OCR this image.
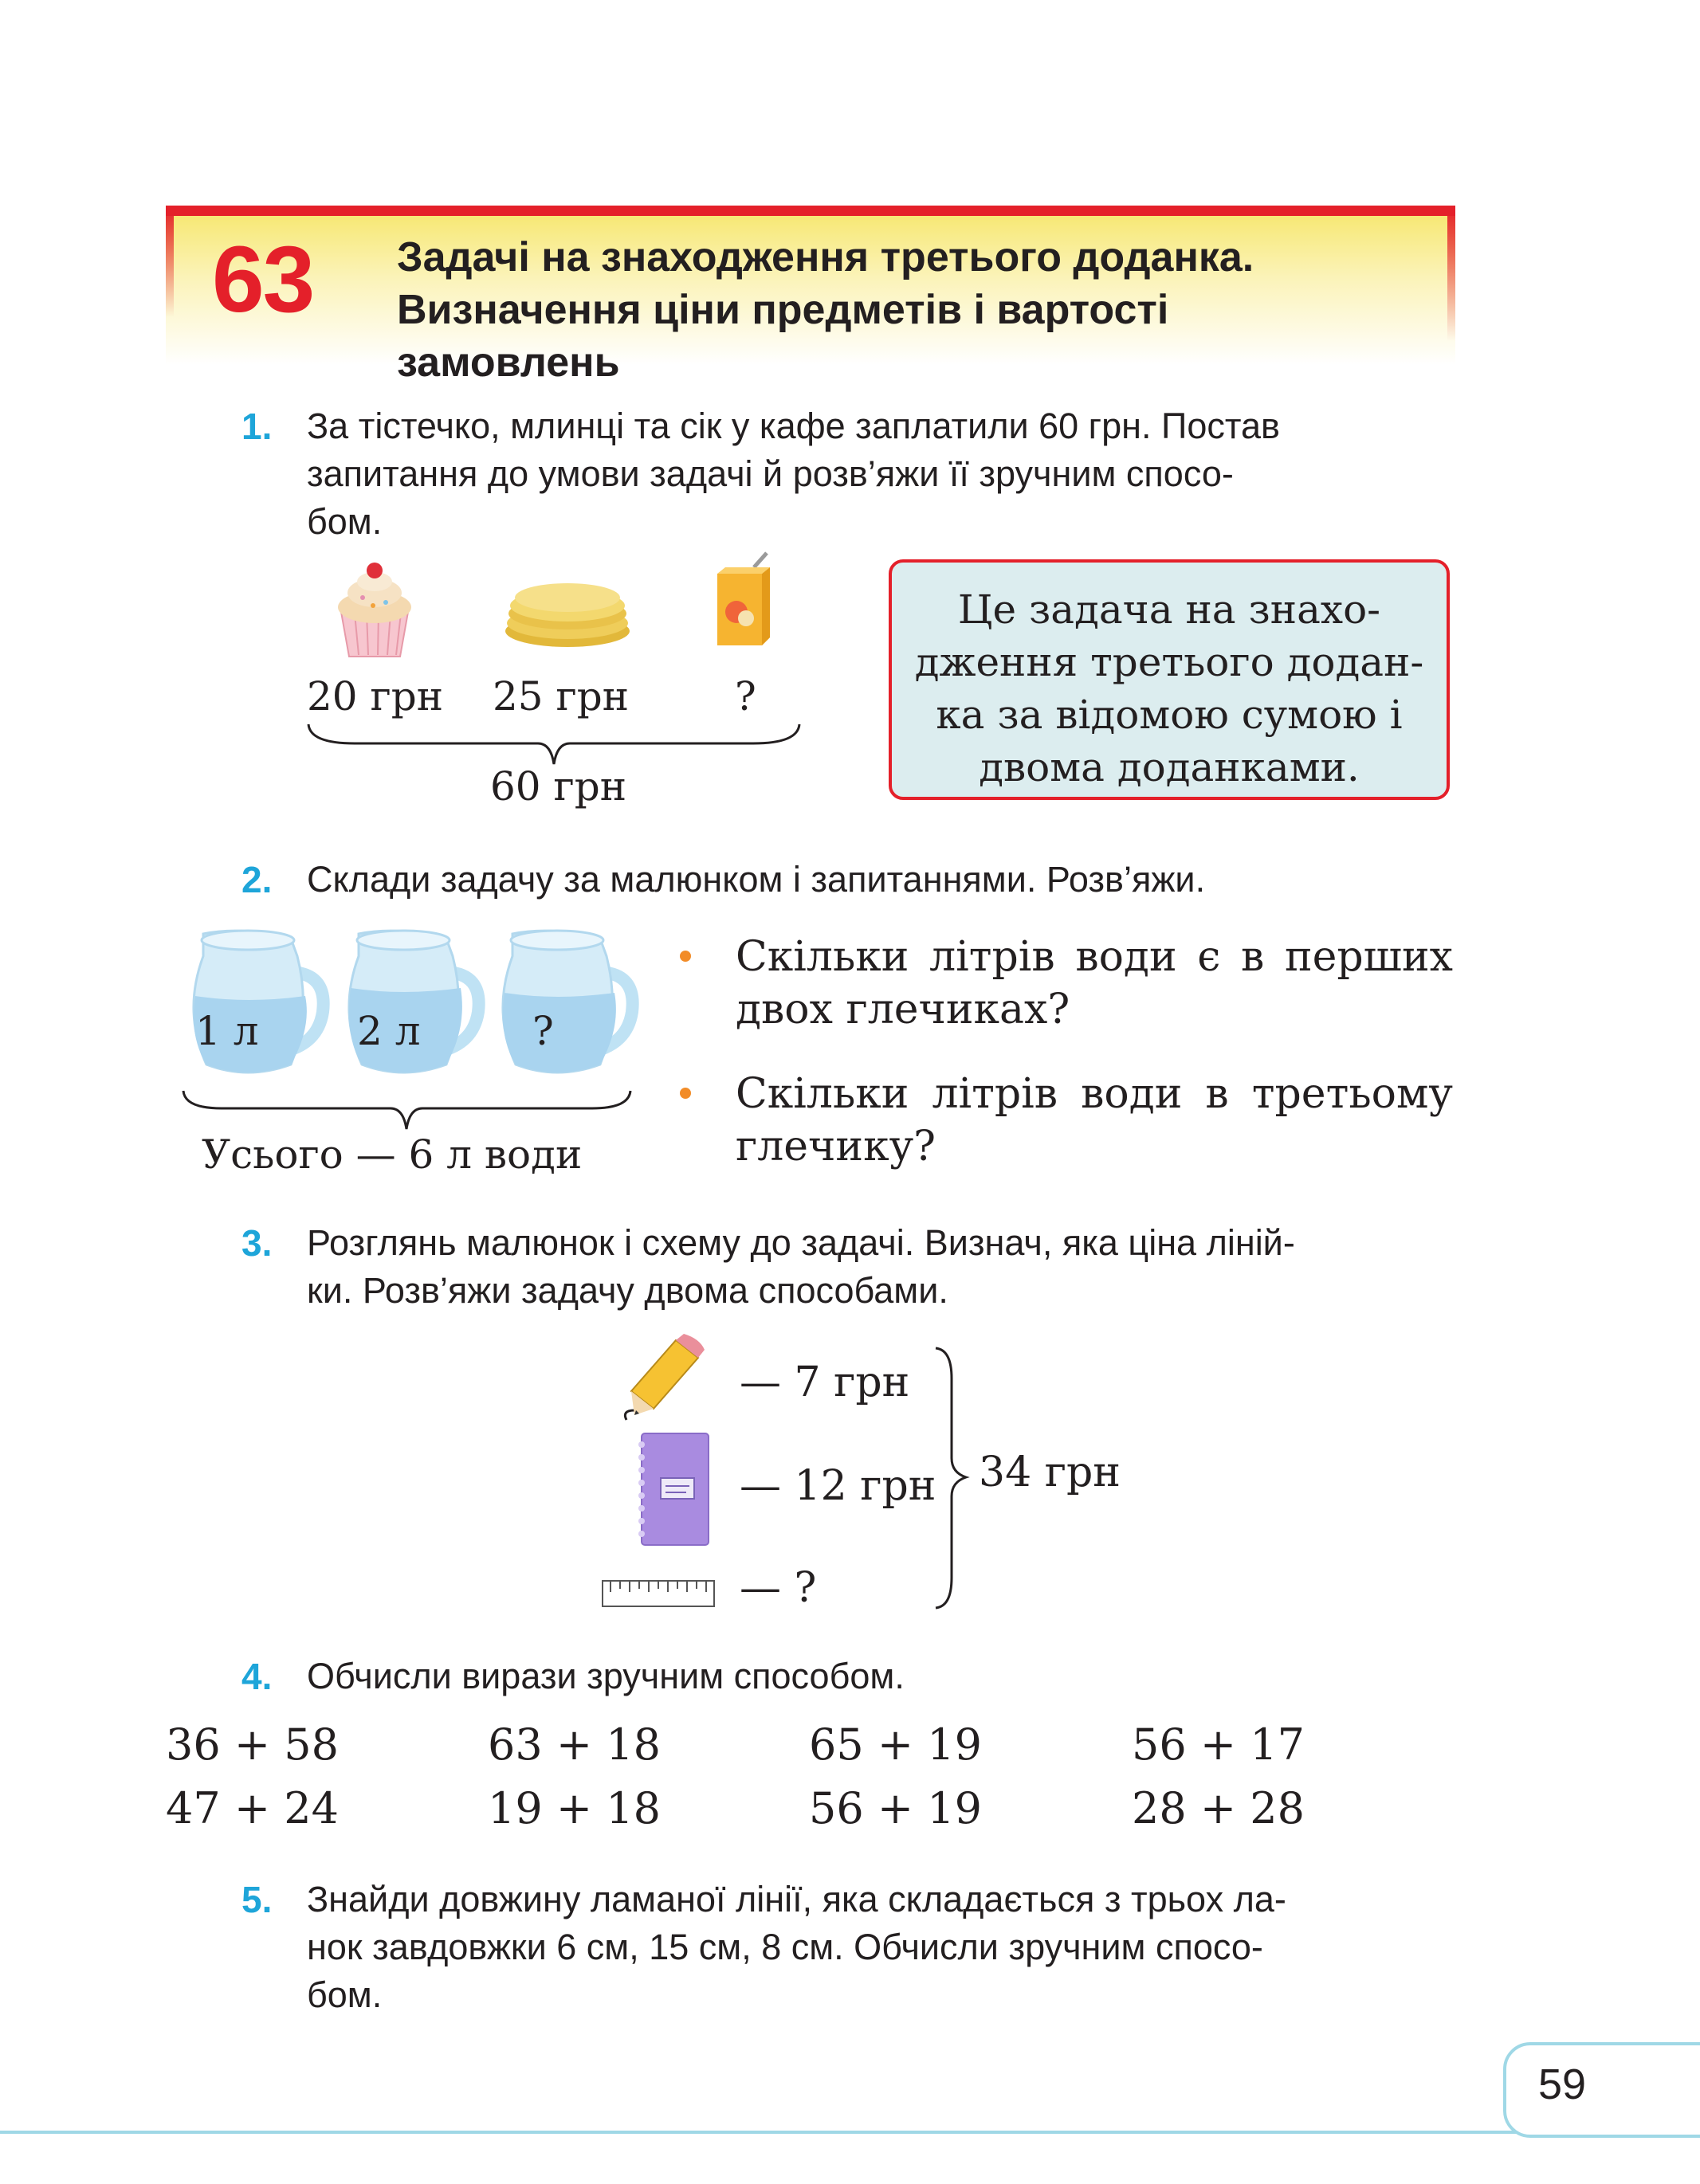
63 Задачі на знаходження третього доданка.
Визначення ціни предметів і вартості
замовлень
1. За тістечко, млинці та сік у кафе заплатили 60 грн. Постав
запитання до умови задачі й розв’яжи її зручним спосо-
бом.
20 грн 25 грн	?
60 грн
Це задача на знахо-
дження третього додан-
ка за відомою сумою і
двома доданками.
2. Склади задачу за малюнком і запитаннями. Розв’яжи.
1 л 2 л	?
Усього — 6 л води
Скільки літрів води є в перших двох глечиках?
Скільки літрів води в третьому глечику?
3. Розглянь малюнок і схему до задачі. Визнач, яка ціна ліній-
ки. Розв’яжи задачу двома способами.
— 7 грн
— 12 грн
— ?
34 грн
4. Обчисли вирази зручним способом.
36 + 58	63 + 18	65 + 19	56 + 17
47 + 24	19 + 18	56 + 19	28 + 28
5. Знайди довжину ламаної лінії, яка складається з трьох ла-
нок завдовжки 6 см, 15 см, 8 см. Обчисли зручним спосо-
бом.
59
